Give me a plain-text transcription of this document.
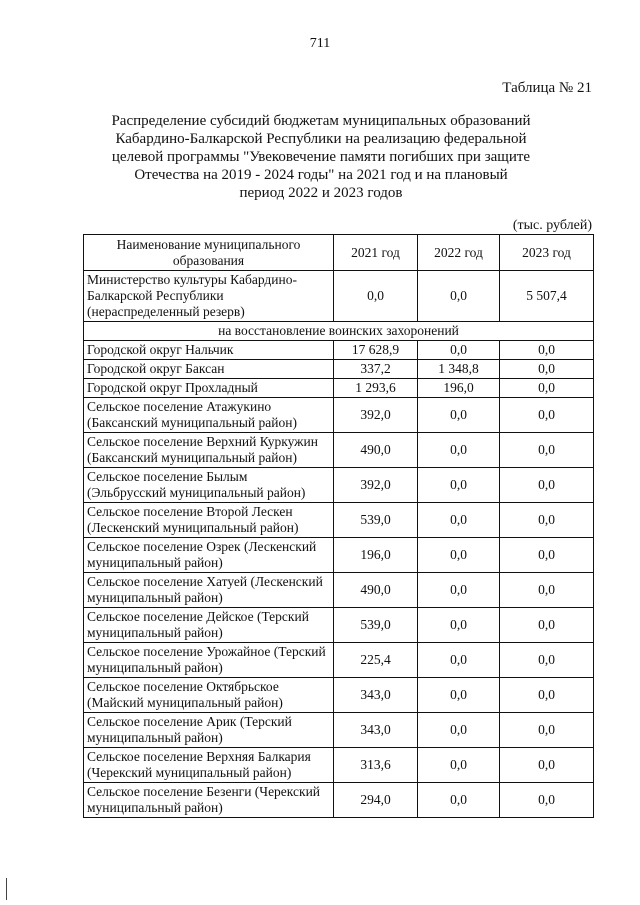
711
Таблица № 21
Распределение субсидий бюджетам муниципальных образований
Кабардино-Балкарской Республики на реализацию федеральной
целевой программы "Увековечение памяти погибших при защите
Отечества на 2019 - 2024 годы" на 2021 год и на плановый
период 2022 и 2023 годов
(тыс. рублей)
Наименование муниципального образования	2021 год	2022 год	2023 год
Министерство культуры Кабардино-Балкарской Республики (нераспределенный резерв)	0,0	0,0	5 507,4
на восстановление воинских захоронений			
Городской округ Нальчик	17 628,9	0,0	0,0
Городской округ Баксан	337,2	1 348,8	0,0
Городской округ Прохладный	1 293,6	196,0	0,0
Сельское поселение Атажукино (Баксанский муниципальный район)	392,0	0,0	0,0
Сельское поселение Верхний Куркужин (Баксанский муниципальный район)	490,0	0,0	0,0
Сельское поселение Былым (Эльбрусский муниципальный район)	392,0	0,0	0,0
Сельское поселение Второй Лескен (Лескенский муниципальный район)	539,0	0,0	0,0
Сельское поселение Озрек (Лескенский муниципальный район)	196,0	0,0	0,0
Сельское поселение Хатуей (Лескенский муниципальный район)	490,0	0,0	0,0
Сельское поселение Дейское (Терский муниципальный район)	539,0	0,0	0,0
Сельское поселение Урожайное (Терский муниципальный район)	225,4	0,0	0,0
Сельское поселение Октябрьское (Майский муниципальный район)	343,0	0,0	0,0
Сельское поселение Арик (Терский муниципальный район)	343,0	0,0	0,0
Сельское поселение Верхняя Балкария (Черекский муниципальный район)	313,6	0,0	0,0
Сельское поселение Безенги (Черекский муниципальный район)	294,0	0,0	0,0
